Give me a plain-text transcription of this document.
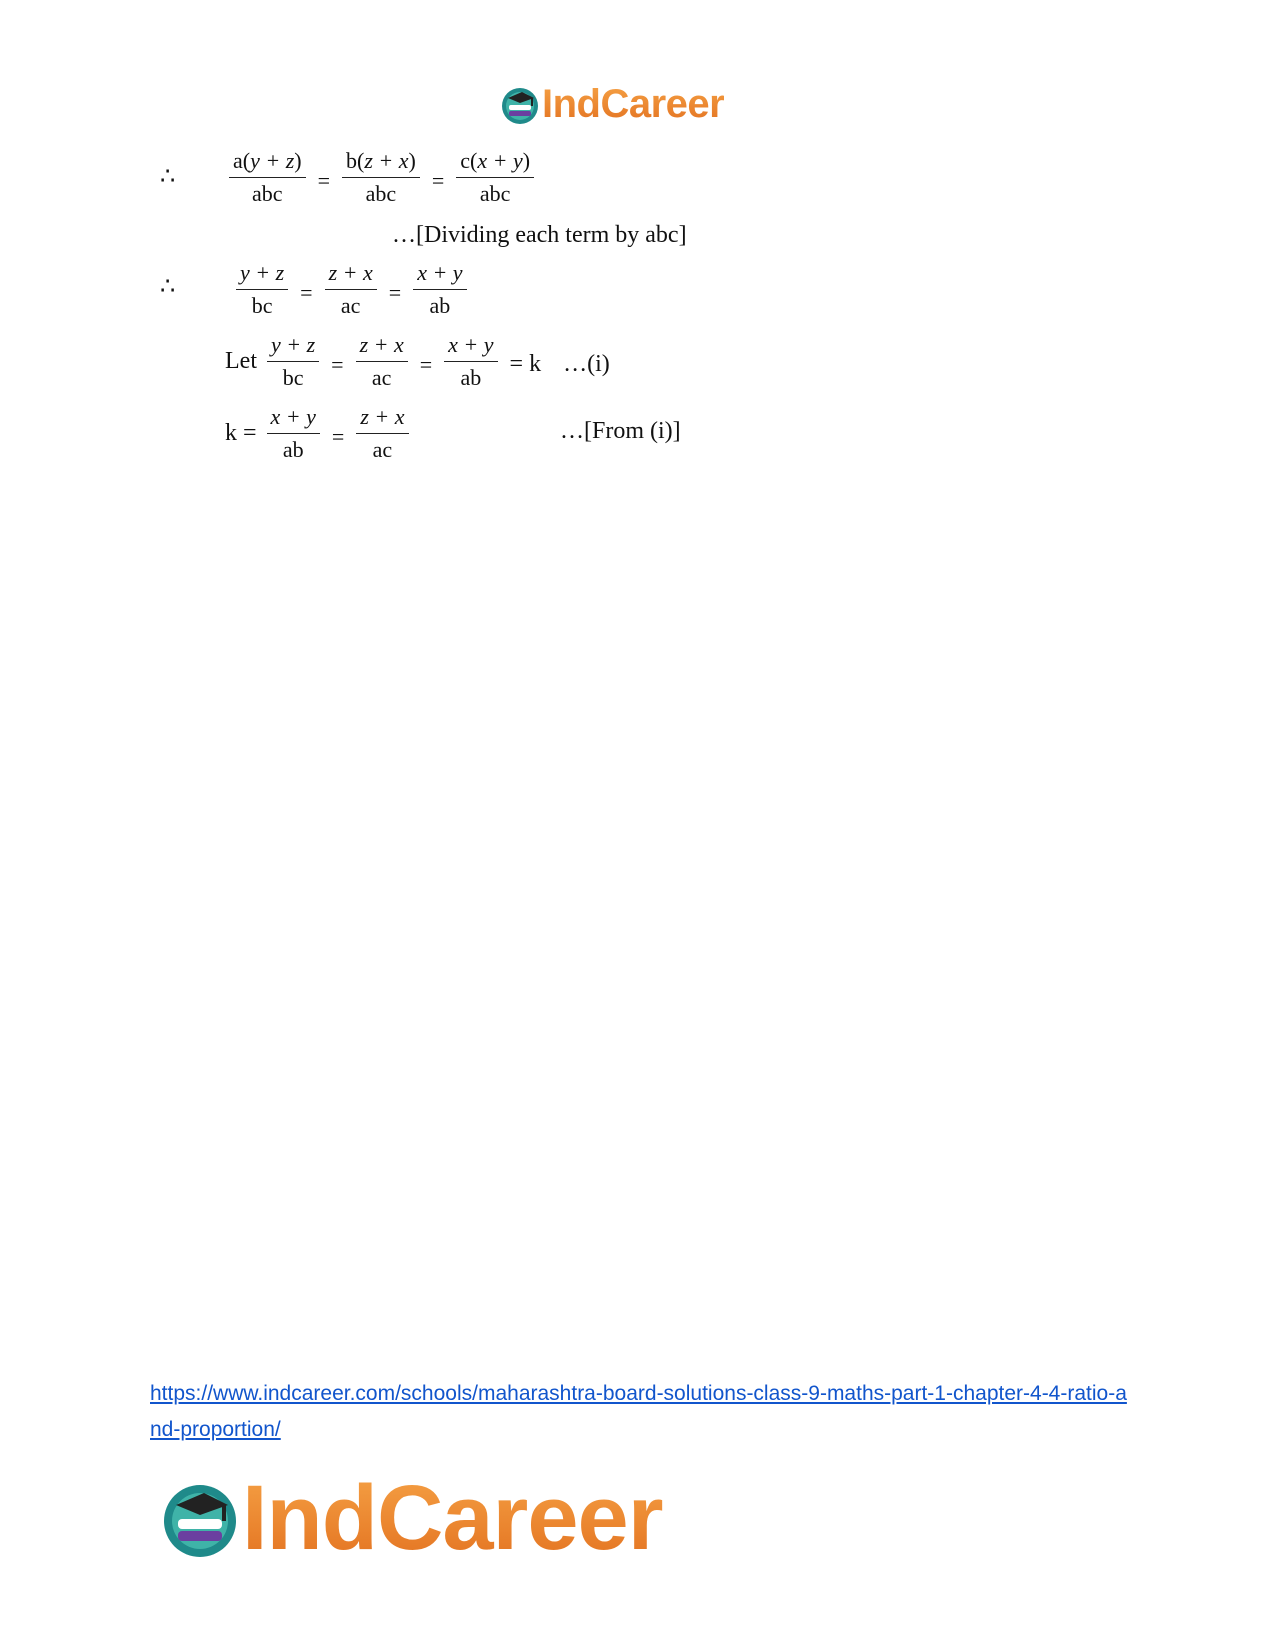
IndCareer
∴ $\frac{a(y + z)}{\text{abc}} = \frac{b(z + x)}{\text{abc}} = \frac{c(x + y)}{\text{abc}}$
…[Dividing each term by abc]
∴	$\frac{y + z}{bc} = \frac{z + x}{ac} = \frac{x + y}{ab}$
Let $\frac{y + z}{bc} = \frac{z + x}{ac} = \frac{x + y}{ab} = k$ …(i)
$k = \frac{x + y}{ab} = \frac{z + x}{ac}$	…[From (i)]
https://www.indcareer.com/schools/maharashtra-board-solutions-class-9-maths-part-1-chapter-4-4-ratio-and-proportion/
IndCareer
